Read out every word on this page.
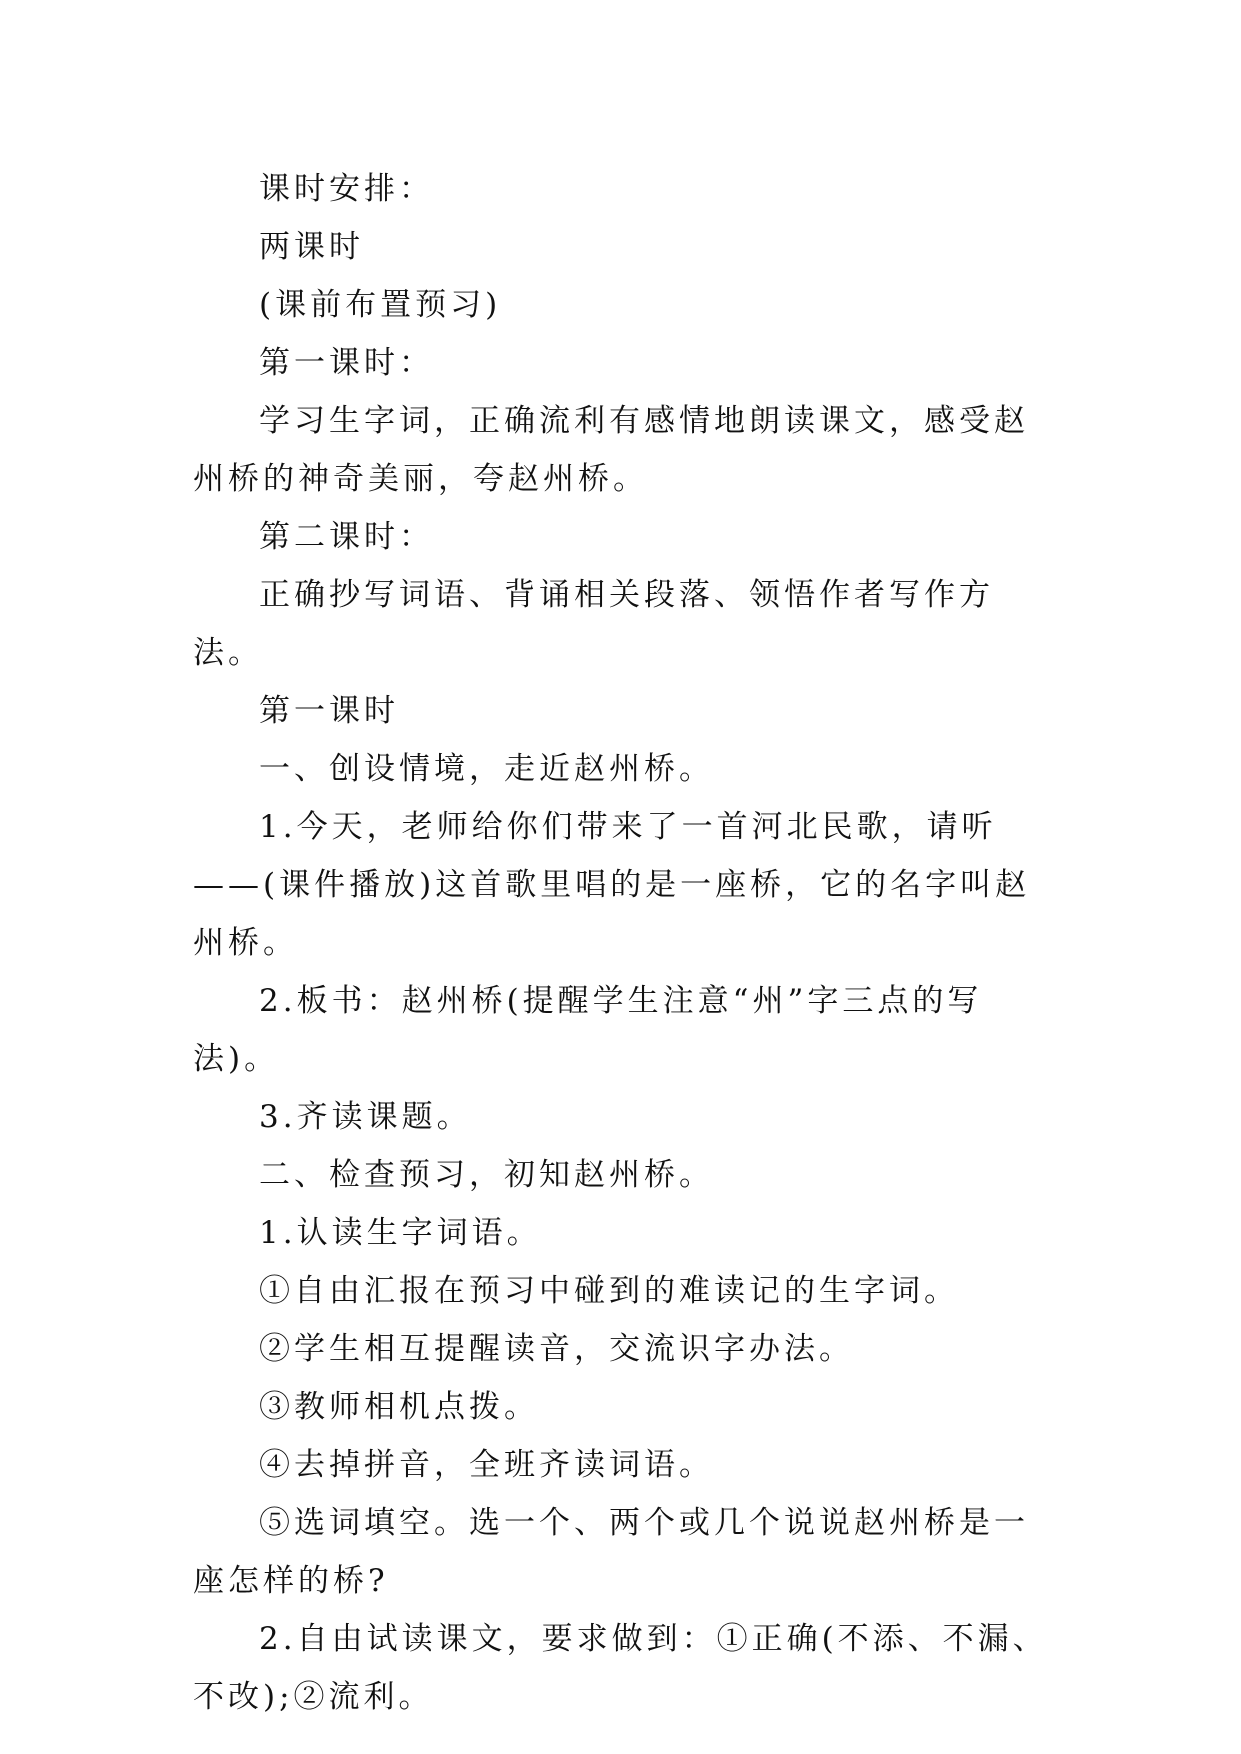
课时安排：

两课时

(课前布置预习)

第一课时：

学习生字词，正确流利有感情地朗读课文，感受赵州桥的神奇美丽，夸赵州桥。

第二课时：

正确抄写词语、背诵相关段落、领悟作者写作方法。

第一课时

一、创设情境，走近赵州桥。

1.今天，老师给你们带来了一首河北民歌，请听——(课件播放)这首歌里唱的是一座桥，它的名字叫赵州桥。

2.板书：赵州桥(提醒学生注意“州”字三点的写法)。

3.齐读课题。

二、检查预习，初知赵州桥。

1.认读生字词语。

①自由汇报在预习中碰到的难读记的生字词。

②学生相互提醒读音，交流识字办法。

③教师相机点拨。

④去掉拼音，全班齐读词语。

⑤选词填空。选一个、两个或几个说说赵州桥是一座怎样的桥?

2.自由试读课文，要求做到：①正确(不添、不漏、不改);②流利。
